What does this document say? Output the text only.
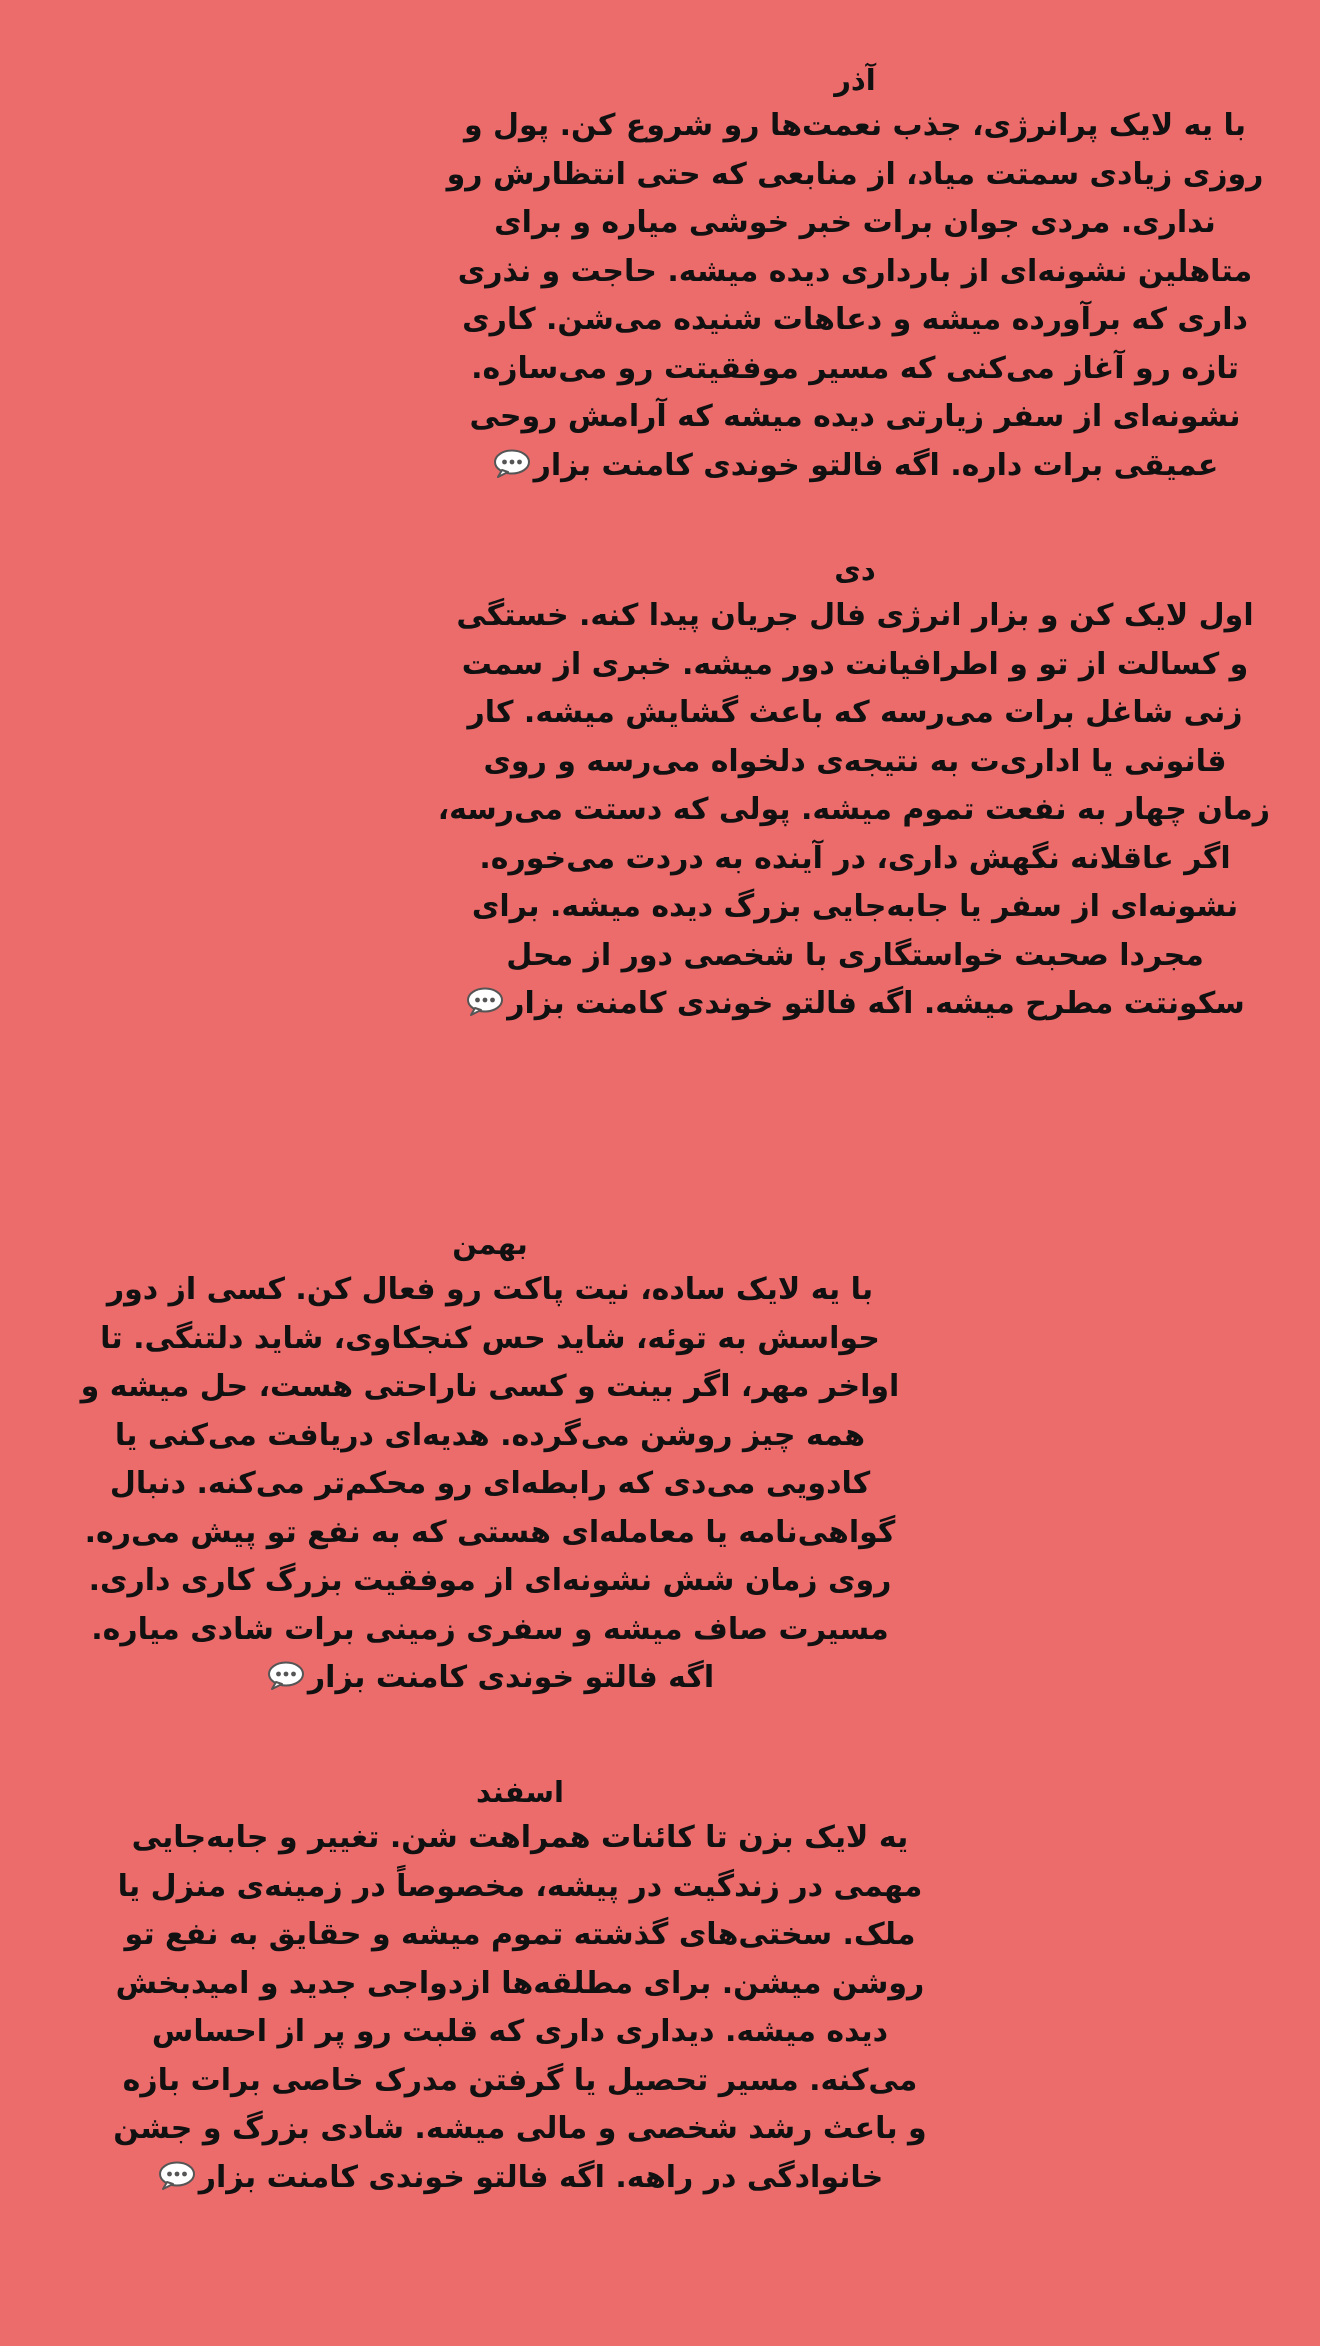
آذر
با یه لایک پرانرژی، جذب نعمت‌ها رو شروع کن. پول و
روزی زیادی سمتت میاد، از منابعی که حتی انتظارش رو
نداری. مردی جوان برات خبر خوشی میاره و برای
متاهلین نشونه‌ای از بارداری دیده میشه. حاجت و نذری
داری که برآورده میشه و دعاهات شنیده می‌شن. کاری
تازه رو آغاز می‌کنی که مسیر موفقیتت رو می‌سازه.
نشونه‌ای از سفر زیارتی دیده میشه که آرامش روحی
عمیقی برات داره. اگه فالتو خوندی کامنت بزار
دی
اول لایک کن و بزار انرژی فال جریان پیدا کنه. خستگی
و کسالت از تو و اطرافیانت دور میشه. خبری از سمت
زنی شاغل برات می‌رسه که باعث گشایش میشه. کار
قانونی یا اداری‌ت به نتیجه‌ی دلخواه می‌رسه و روی
زمان چهار به نفعت تموم میشه. پولی که دستت می‌رسه،
اگر عاقلانه نگهش داری، در آینده به دردت می‌خوره.
نشونه‌ای از سفر یا جابه‌جایی بزرگ دیده میشه. برای
مجردا صحبت خواستگاری با شخصی دور از محل
سکونتت مطرح میشه. اگه فالتو خوندی کامنت بزار
بهمن
با یه لایک ساده، نیت پاکت رو فعال کن. کسی از دور
حواسش به توئه، شاید حس کنجکاوی، شاید دلتنگی. تا
اواخر مهر، اگر بینت و کسی ناراحتی هست، حل میشه و
همه چیز روشن می‌گرده. هدیه‌ای دریافت می‌کنی یا
کادویی می‌دی که رابطه‌ای رو محکم‌تر می‌کنه. دنبال
گواهی‌نامه یا معامله‌ای هستی که به نفع تو پیش می‌ره.
روی زمان شش نشونه‌ای از موفقیت بزرگ کاری داری.
مسیرت صاف میشه و سفری زمینی برات شادی میاره.
اگه فالتو خوندی کامنت بزار
اسفند
یه لایک بزن تا کائنات همراهت شن. تغییر و جابه‌جایی
مهمی در زندگیت در پیشه، مخصوصاً در زمینه‌ی منزل یا
ملک. سختی‌های گذشته تموم میشه و حقایق به نفع تو
روشن میشن. برای مطلقه‌ها ازدواجی جدید و امیدبخش
دیده میشه. دیداری داری که قلبت رو پر از احساس
می‌کنه. مسیر تحصیل یا گرفتن مدرک خاصی برات بازه
و باعث رشد شخصی و مالی میشه. شادی بزرگ و جشن
خانوادگی در راهه. اگه فالتو خوندی کامنت بزار
